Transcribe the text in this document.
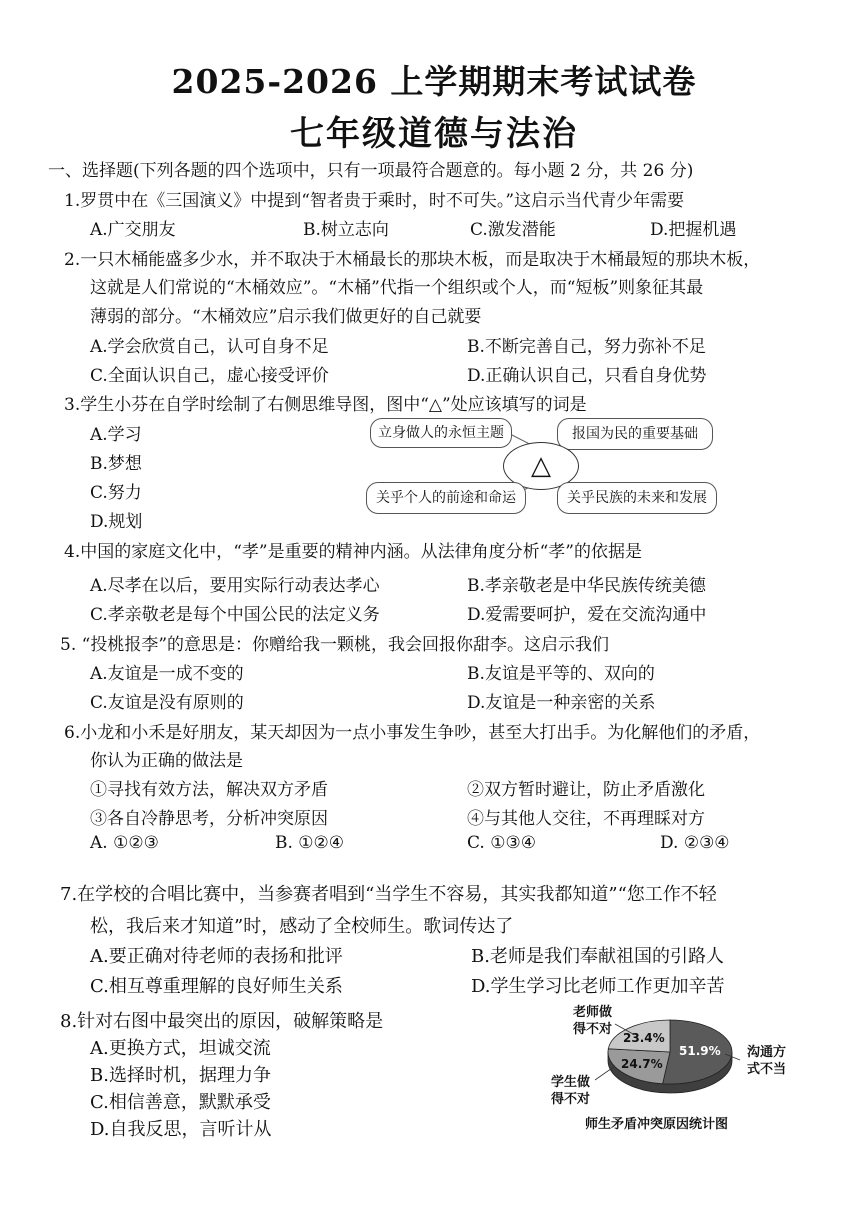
2025-2026 上学期期末考试试卷
七年级道德与法治
一、选择题(下列各题的四个选项中，只有一项最符合题意的。每小题 2 分，共 26 分)
1.罗贯中在《三国演义》中提到“智者贵于乘时，时不可失。”这启示当代青少年需要
A.广交朋友	B.树立志向	C.激发潜能	D.把握机遇
2.一只木桶能盛多少水，并不取决于木桶最长的那块木板，而是取决于木桶最短的那块木板，
这就是人们常说的“木桶效应”。“木桶”代指一个组织或个人，而“短板”则象征其最
薄弱的部分。“木桶效应”启示我们做更好的自己就要
A.学会欣赏自己，认可自身不足	B.不断完善自己，努力弥补不足
C.全面认识自己，虚心接受评价	D.正确认识自己，只看自身优势
3.学生小芬在自学时绘制了右侧思维导图，图中“△”处应该填写的词是
A.学习
B.梦想
C.努力
D.规划
立身做人的永恒主题	报国为民的重要基础
△
关乎个人的前途和命运	关乎民族的未来和发展
4.中国的家庭文化中，“孝”是重要的精神内涵。从法律角度分析“孝”的依据是
A.尽孝在以后，要用实际行动表达孝心	B.孝亲敬老是中华民族传统美德
C.孝亲敬老是每个中国公民的法定义务	D.爱需要呵护，爱在交流沟通中
5. “投桃报李”的意思是：你赠给我一颗桃，我会回报你甜李。这启示我们
A.友谊是一成不变的	B.友谊是平等的、双向的
C.友谊是没有原则的	D.友谊是一种亲密的关系
6.小龙和小禾是好朋友，某天却因为一点小事发生争吵，甚至大打出手。为化解他们的矛盾，
你认为正确的做法是
①寻找有效方法，解决双方矛盾	②双方暂时避让，防止矛盾激化
③各自冷静思考，分析冲突原因	④与其他人交往，不再理睬对方
A. ①②③	B. ①②④	C. ①③④	D. ②③④
7.在学校的合唱比赛中，当参赛者唱到“当学生不容易，其实我都知道”“您工作不轻
松，我后来才知道”时，感动了全校师生。歌词传达了
A.要正确对待老师的表扬和批评	B.老师是我们奉献祖国的引路人
C.相互尊重理解的良好师生关系	D.学生学习比老师工作更加辛苦
8.针对右图中最突出的原因，破解策略是
A.更换方式，坦诚交流
B.选择时机，据理力争
C.相信善意，默默承受
D.自我反思，言听计从
老师做
得不对
沟通方
式不当
学生做
得不对
23.4%
51.9%
24.7%
师生矛盾冲突原因统计图
